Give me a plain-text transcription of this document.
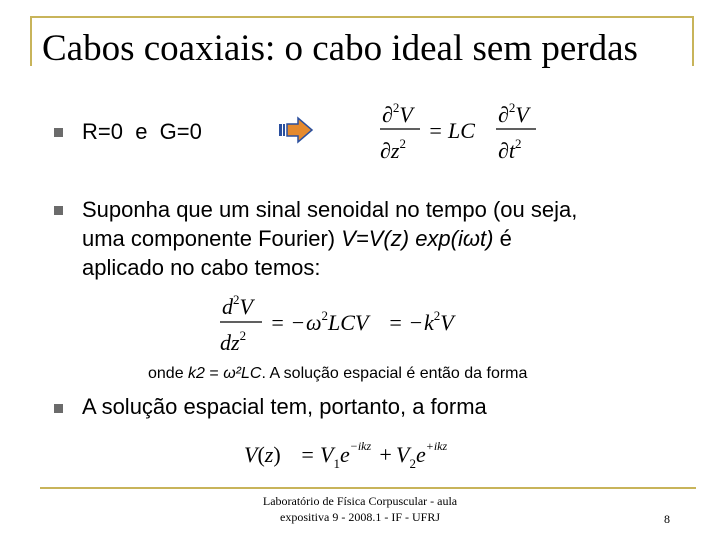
Cabos coaxiais: o cabo ideal sem perdas
R=0  e  G=0
∂$^2$V
$\partial z^2$
= LC
∂$^2$V
$\partial t^2$
Suponha que um sinal senoidal no tempo (ou seja,
uma componente Fourier) V=V(z) exp(iωt) é
aplicado no cabo temos:
$d^2V$
$dz^2$
= − $\omega^2LCV$ = − $k^2V$
onde k2 = ω²LC. A solução espacial é então da forma
A solução espacial tem, portanto, a forma
$V(z) = V_1e^{-ikz} + V_2e^{+ikz}$
Laboratório de Física Corpuscular - aula
expositiva 9 - 2008.1 - IF - UFRJ	8
